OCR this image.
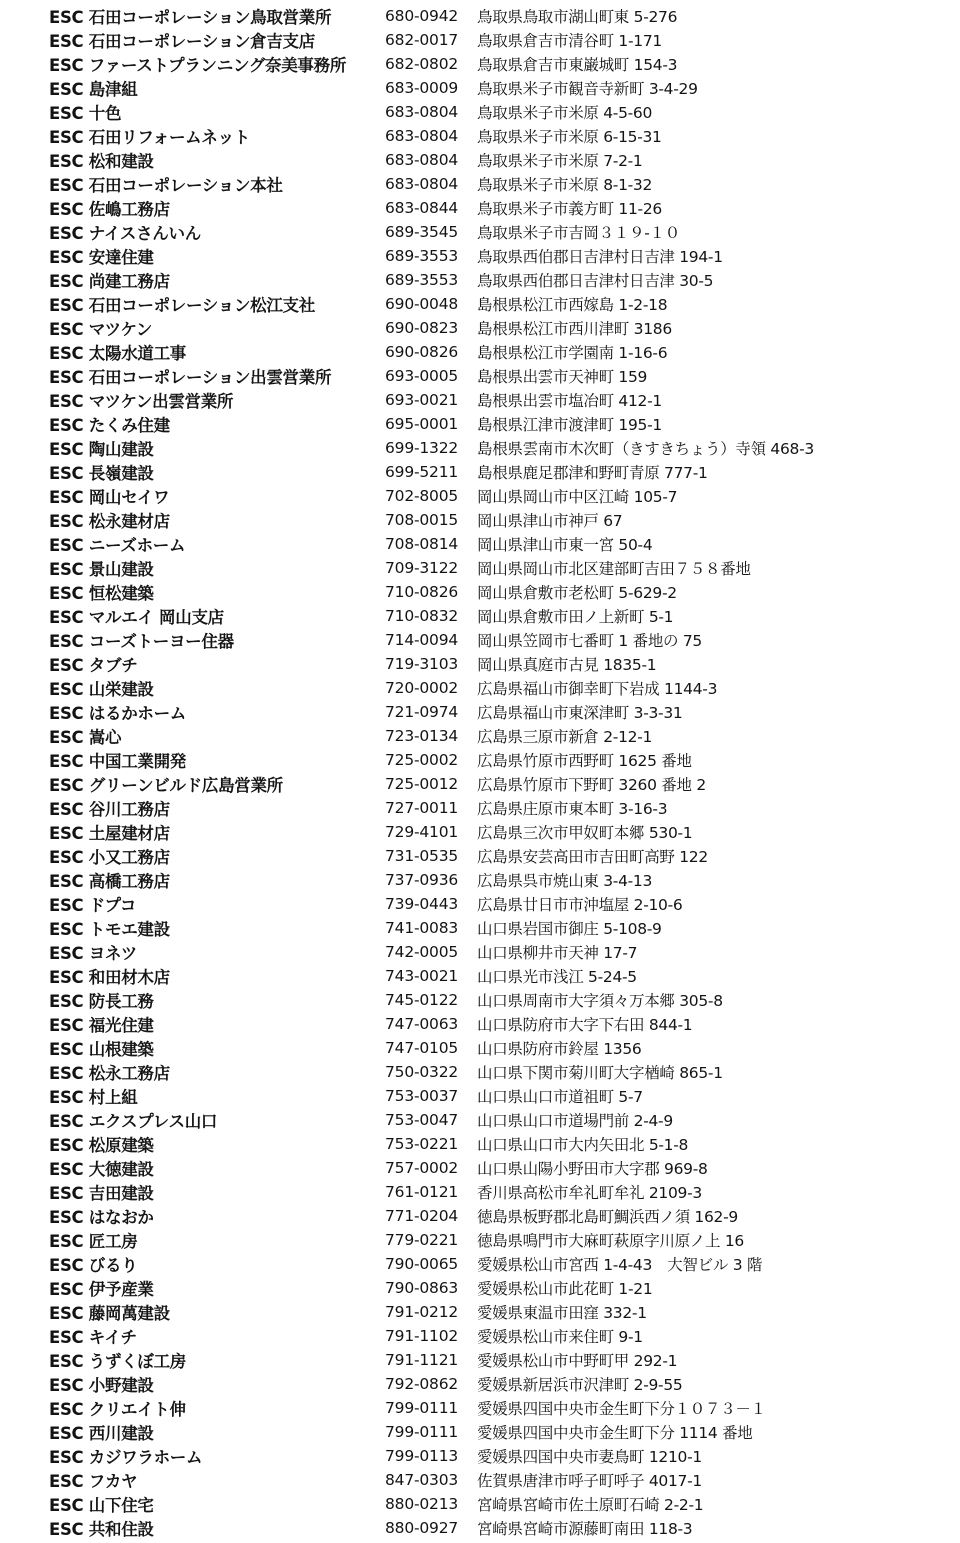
ESC 石田コーポレーション鳥取営業所	680-0942	鳥取県鳥取市湖山町東 5-276
ESC 石田コーポレーション倉吉支店	682-0017	鳥取県倉吉市清谷町 1-171
ESC ファーストプランニング奈美事務所	682-0802	鳥取県倉吉市東巌城町 154-3
ESC 島津組	683-0009	鳥取県米子市観音寺新町 3-4-29
ESC 十色	683-0804	鳥取県米子市米原 4-5-60
ESC 石田リフォームネット	683-0804	鳥取県米子市米原 6-15-31
ESC 松和建設	683-0804	鳥取県米子市米原 7-2-1
ESC 石田コーポレーション本社	683-0804	鳥取県米子市米原 8-1-32
ESC 佐嶋工務店	683-0844	鳥取県米子市義方町 11-26
ESC ナイスさんいん	689-3545	鳥取県米子市吉岡３１９-１０
ESC 安達住建	689-3553	鳥取県西伯郡日吉津村日吉津 194-1
ESC 尚建工務店	689-3553	鳥取県西伯郡日吉津村日吉津 30-5
ESC 石田コーポレーション松江支社	690-0048	島根県松江市西嫁島 1-2-18
ESC マツケン	690-0823	島根県松江市西川津町 3186
ESC 太陽水道工事	690-0826	島根県松江市学園南 1-16-6
ESC 石田コーポレーション出雲営業所	693-0005	島根県出雲市天神町 159
ESC マツケン出雲営業所	693-0021	島根県出雲市塩冶町 412-1
ESC たくみ住建	695-0001	島根県江津市渡津町 195-1
ESC 陶山建設	699-1322	島根県雲南市木次町（きすきちょう）寺領 468-3
ESC 長嶺建設	699-5211	島根県鹿足郡津和野町青原 777-1
ESC 岡山セイワ	702-8005	岡山県岡山市中区江崎 105-7
ESC 松永建材店	708-0015	岡山県津山市神戸 67
ESC ニーズホーム	708-0814	岡山県津山市東一宮 50-4
ESC 景山建設	709-3122	岡山県岡山市北区建部町吉田７５８番地
ESC 恒松建築	710-0826	岡山県倉敷市老松町 5-629-2
ESC マルエイ 岡山支店	710-0832	岡山県倉敷市田ノ上新町 5-1
ESC コーズトーヨー住器	714-0094	岡山県笠岡市七番町 1 番地の 75
ESC タブチ	719-3103	岡山県真庭市古見 1835-1
ESC 山栄建設	720-0002	広島県福山市御幸町下岩成 1144-3
ESC はるかホーム	721-0974	広島県福山市東深津町 3-3-31
ESC 嵩心	723-0134	広島県三原市新倉 2-12-1
ESC 中国工業開発	725-0002	広島県竹原市西野町 1625 番地
ESC グリーンビルド広島営業所	725-0012	広島県竹原市下野町 3260 番地 2
ESC 谷川工務店	727-0011	広島県庄原市東本町 3-16-3
ESC 土屋建材店	729-4101	広島県三次市甲奴町本郷 530-1
ESC 小又工務店	731-0535	広島県安芸高田市吉田町高野 122
ESC 高橋工務店	737-0936	広島県呉市焼山東 3-4-13
ESC ドプコ	739-0443	広島県廿日市市沖塩屋 2-10-6
ESC トモエ建設	741-0083	山口県岩国市御庄 5-108-9
ESC ヨネツ	742-0005	山口県柳井市天神 17-7
ESC 和田材木店	743-0021	山口県光市浅江 5-24-5
ESC 防長工務	745-0122	山口県周南市大字須々万本郷 305-8
ESC 福光住建	747-0063	山口県防府市大字下右田 844-1
ESC 山根建築	747-0105	山口県防府市鈴屋 1356
ESC 松永工務店	750-0322	山口県下関市菊川町大字楢崎 865-1
ESC 村上組	753-0037	山口県山口市道祖町 5-7
ESC エクスプレス山口	753-0047	山口県山口市道場門前 2-4-9
ESC 松原建築	753-0221	山口県山口市大内矢田北 5-1-8
ESC 大徳建設	757-0002	山口県山陽小野田市大字郡 969-8
ESC 吉田建設	761-0121	香川県高松市牟礼町牟礼 2109-3
ESC はなおか	771-0204	徳島県板野郡北島町鯛浜西ノ須 162-9
ESC 匠工房	779-0221	徳島県鳴門市大麻町萩原字川原ノ上 16
ESC びるり	790-0065	愛媛県松山市宮西 1-4-43　大智ビル 3 階
ESC 伊予産業	790-0863	愛媛県松山市此花町 1-21
ESC 藤岡萬建設	791-0212	愛媛県東温市田窪 332-1
ESC キイチ	791-1102	愛媛県松山市来住町 9-1
ESC うずくぼ工房	791-1121	愛媛県松山市中野町甲 292-1
ESC 小野建設	792-0862	愛媛県新居浜市沢津町 2-9-55
ESC クリエイト伸	799-0111	愛媛県四国中央市金生町下分１０７３－１
ESC 西川建設	799-0111	愛媛県四国中央市金生町下分 1114 番地
ESC カジワラホーム	799-0113	愛媛県四国中央市妻鳥町 1210-1
ESC フカヤ	847-0303	佐賀県唐津市呼子町呼子 4017-1
ESC 山下住宅	880-0213	宮崎県宮崎市佐土原町石崎 2-2-1
ESC 共和住設	880-0927	宮崎県宮崎市源藤町南田 118-3
